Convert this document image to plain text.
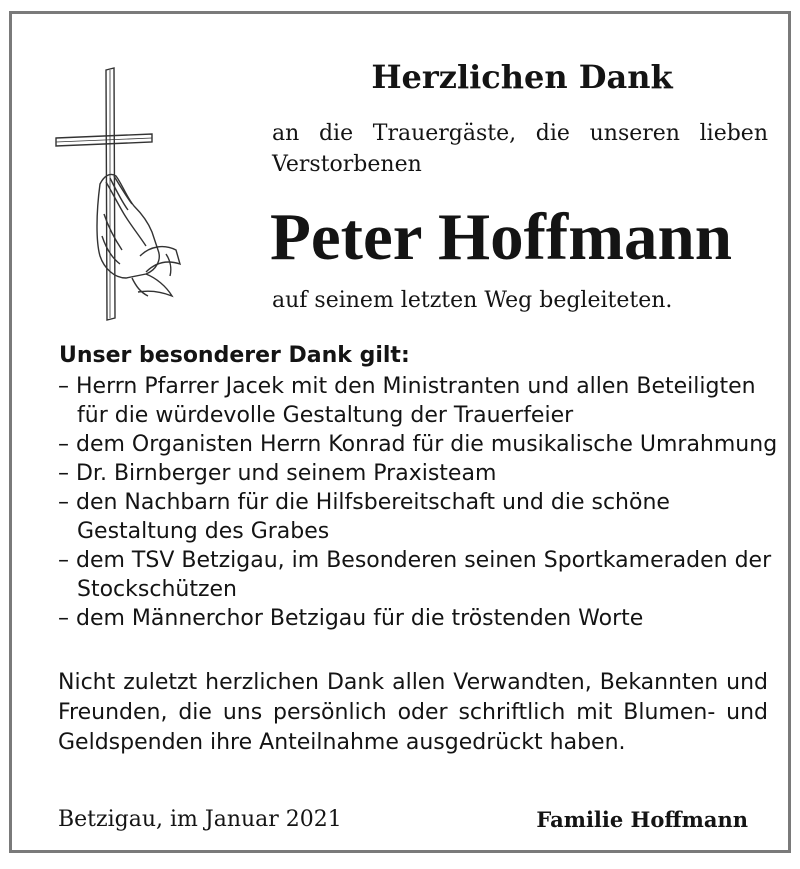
Herzlichen Dank
an die Trauergäste, die unseren lieben Verstorbenen
Peter Hoffmann
auf seinem letzten Weg begleiteten.
Unser besonderer Dank gilt:
– Herrn Pfarrer Jacek mit den Ministranten und allen Beteiligten für die würdevolle Gestaltung der Trauerfeier
– dem Organisten Herrn Konrad für die musikalische Umrahmung
– Dr. Birnberger und seinem Praxisteam
– den Nachbarn für die Hilfsbereitschaft und die schöne Gestaltung des Grabes
– dem TSV Betzigau, im Besonderen seinen Sportkameraden der Stockschützen
– dem Männerchor Betzigau für die tröstenden Worte
Nicht zuletzt herzlichen Dank allen Verwandten, Bekannten und Freunden, die uns persönlich oder schriftlich mit Blumen- und Geldspenden ihre Anteilnahme ausgedrückt haben.
Betzigau, im Januar 2021	Familie Hoffmann
